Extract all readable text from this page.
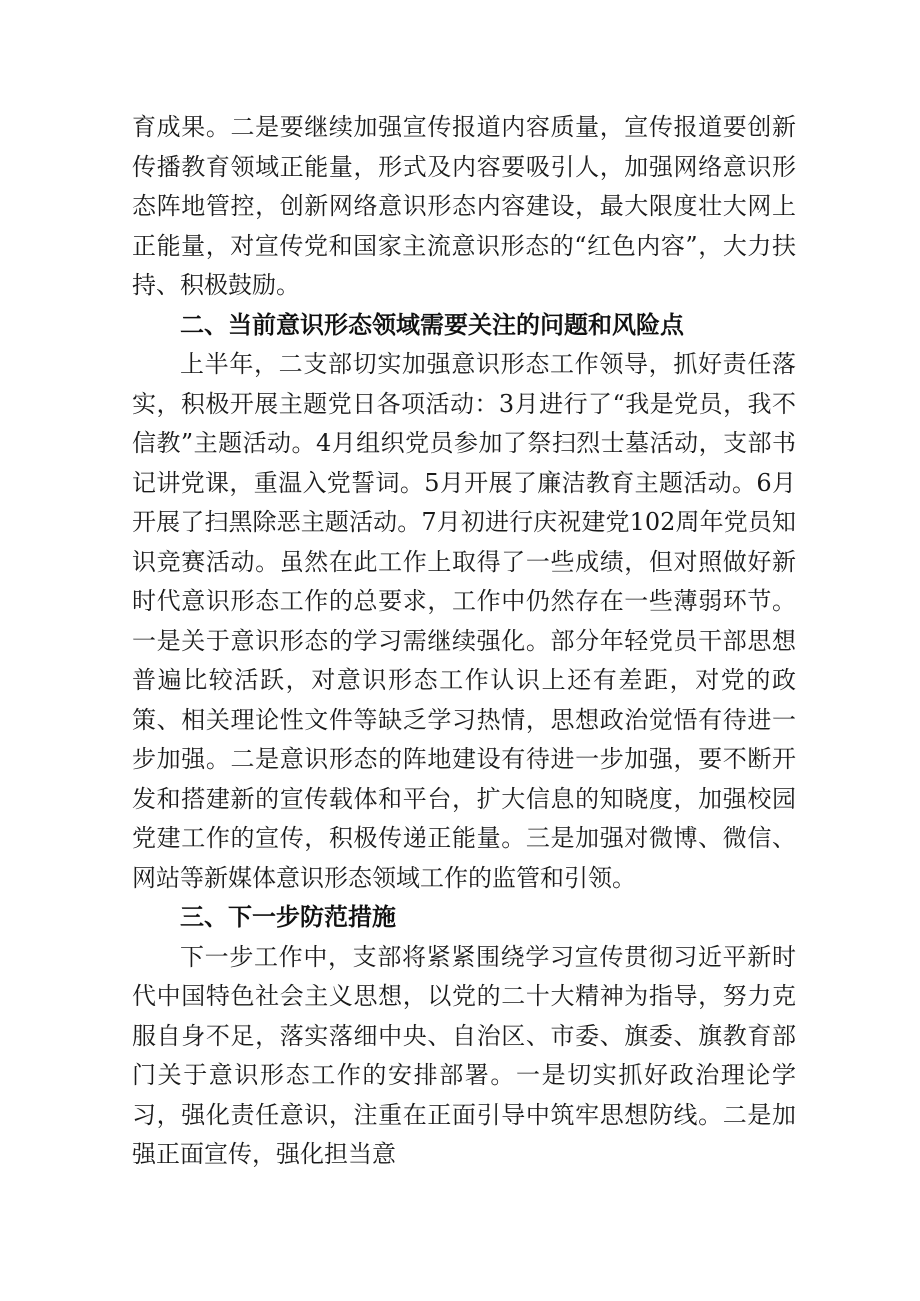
育成果。二是要继续加强宣传报道内容质量，宣传报道要创新传播教育领域正能量，形式及内容要吸引人，加强网络意识形态阵地管控，创新网络意识形态内容建设，最大限度壮大网上正能量，对宣传党和国家主流意识形态的“红色内容”，大力扶持、积极鼓励。

二、当前意识形态领域需要关注的问题和风险点

上半年，二支部切实加强意识形态工作领导，抓好责任落实，积极开展主题党日各项活动：3月进行了“我是党员，我不信教”主题活动。4月组织党员参加了祭扫烈士墓活动，支部书记讲党课，重温入党誓词。5月开展了廉洁教育主题活动。6月开展了扫黑除恶主题活动。7月初进行庆祝建党102周年党员知识竞赛活动。虽然在此工作上取得了一些成绩，但对照做好新时代意识形态工作的总要求，工作中仍然存在一些薄弱环节。一是关于意识形态的学习需继续强化。部分年轻党员干部思想普遍比较活跃，对意识形态工作认识上还有差距，对党的政策、相关理论性文件等缺乏学习热情，思想政治觉悟有待进一步加强。二是意识形态的阵地建设有待进一步加强，要不断开发和搭建新的宣传载体和平台，扩大信息的知晓度，加强校园党建工作的宣传，积极传递正能量。三是加强对微博、微信、网站等新媒体意识形态领域工作的监管和引领。

三、下一步防范措施

下一步工作中，支部将紧紧围绕学习宣传贯彻习近平新时代中国特色社会主义思想，以党的二十大精神为指导，努力克服自身不足，落实落细中央、自治区、市委、旗委、旗教育部门关于意识形态工作的安排部署。一是切实抓好政治理论学习，强化责任意识，注重在正面引导中筑牢思想防线。二是加强正面宣传，强化担当意
